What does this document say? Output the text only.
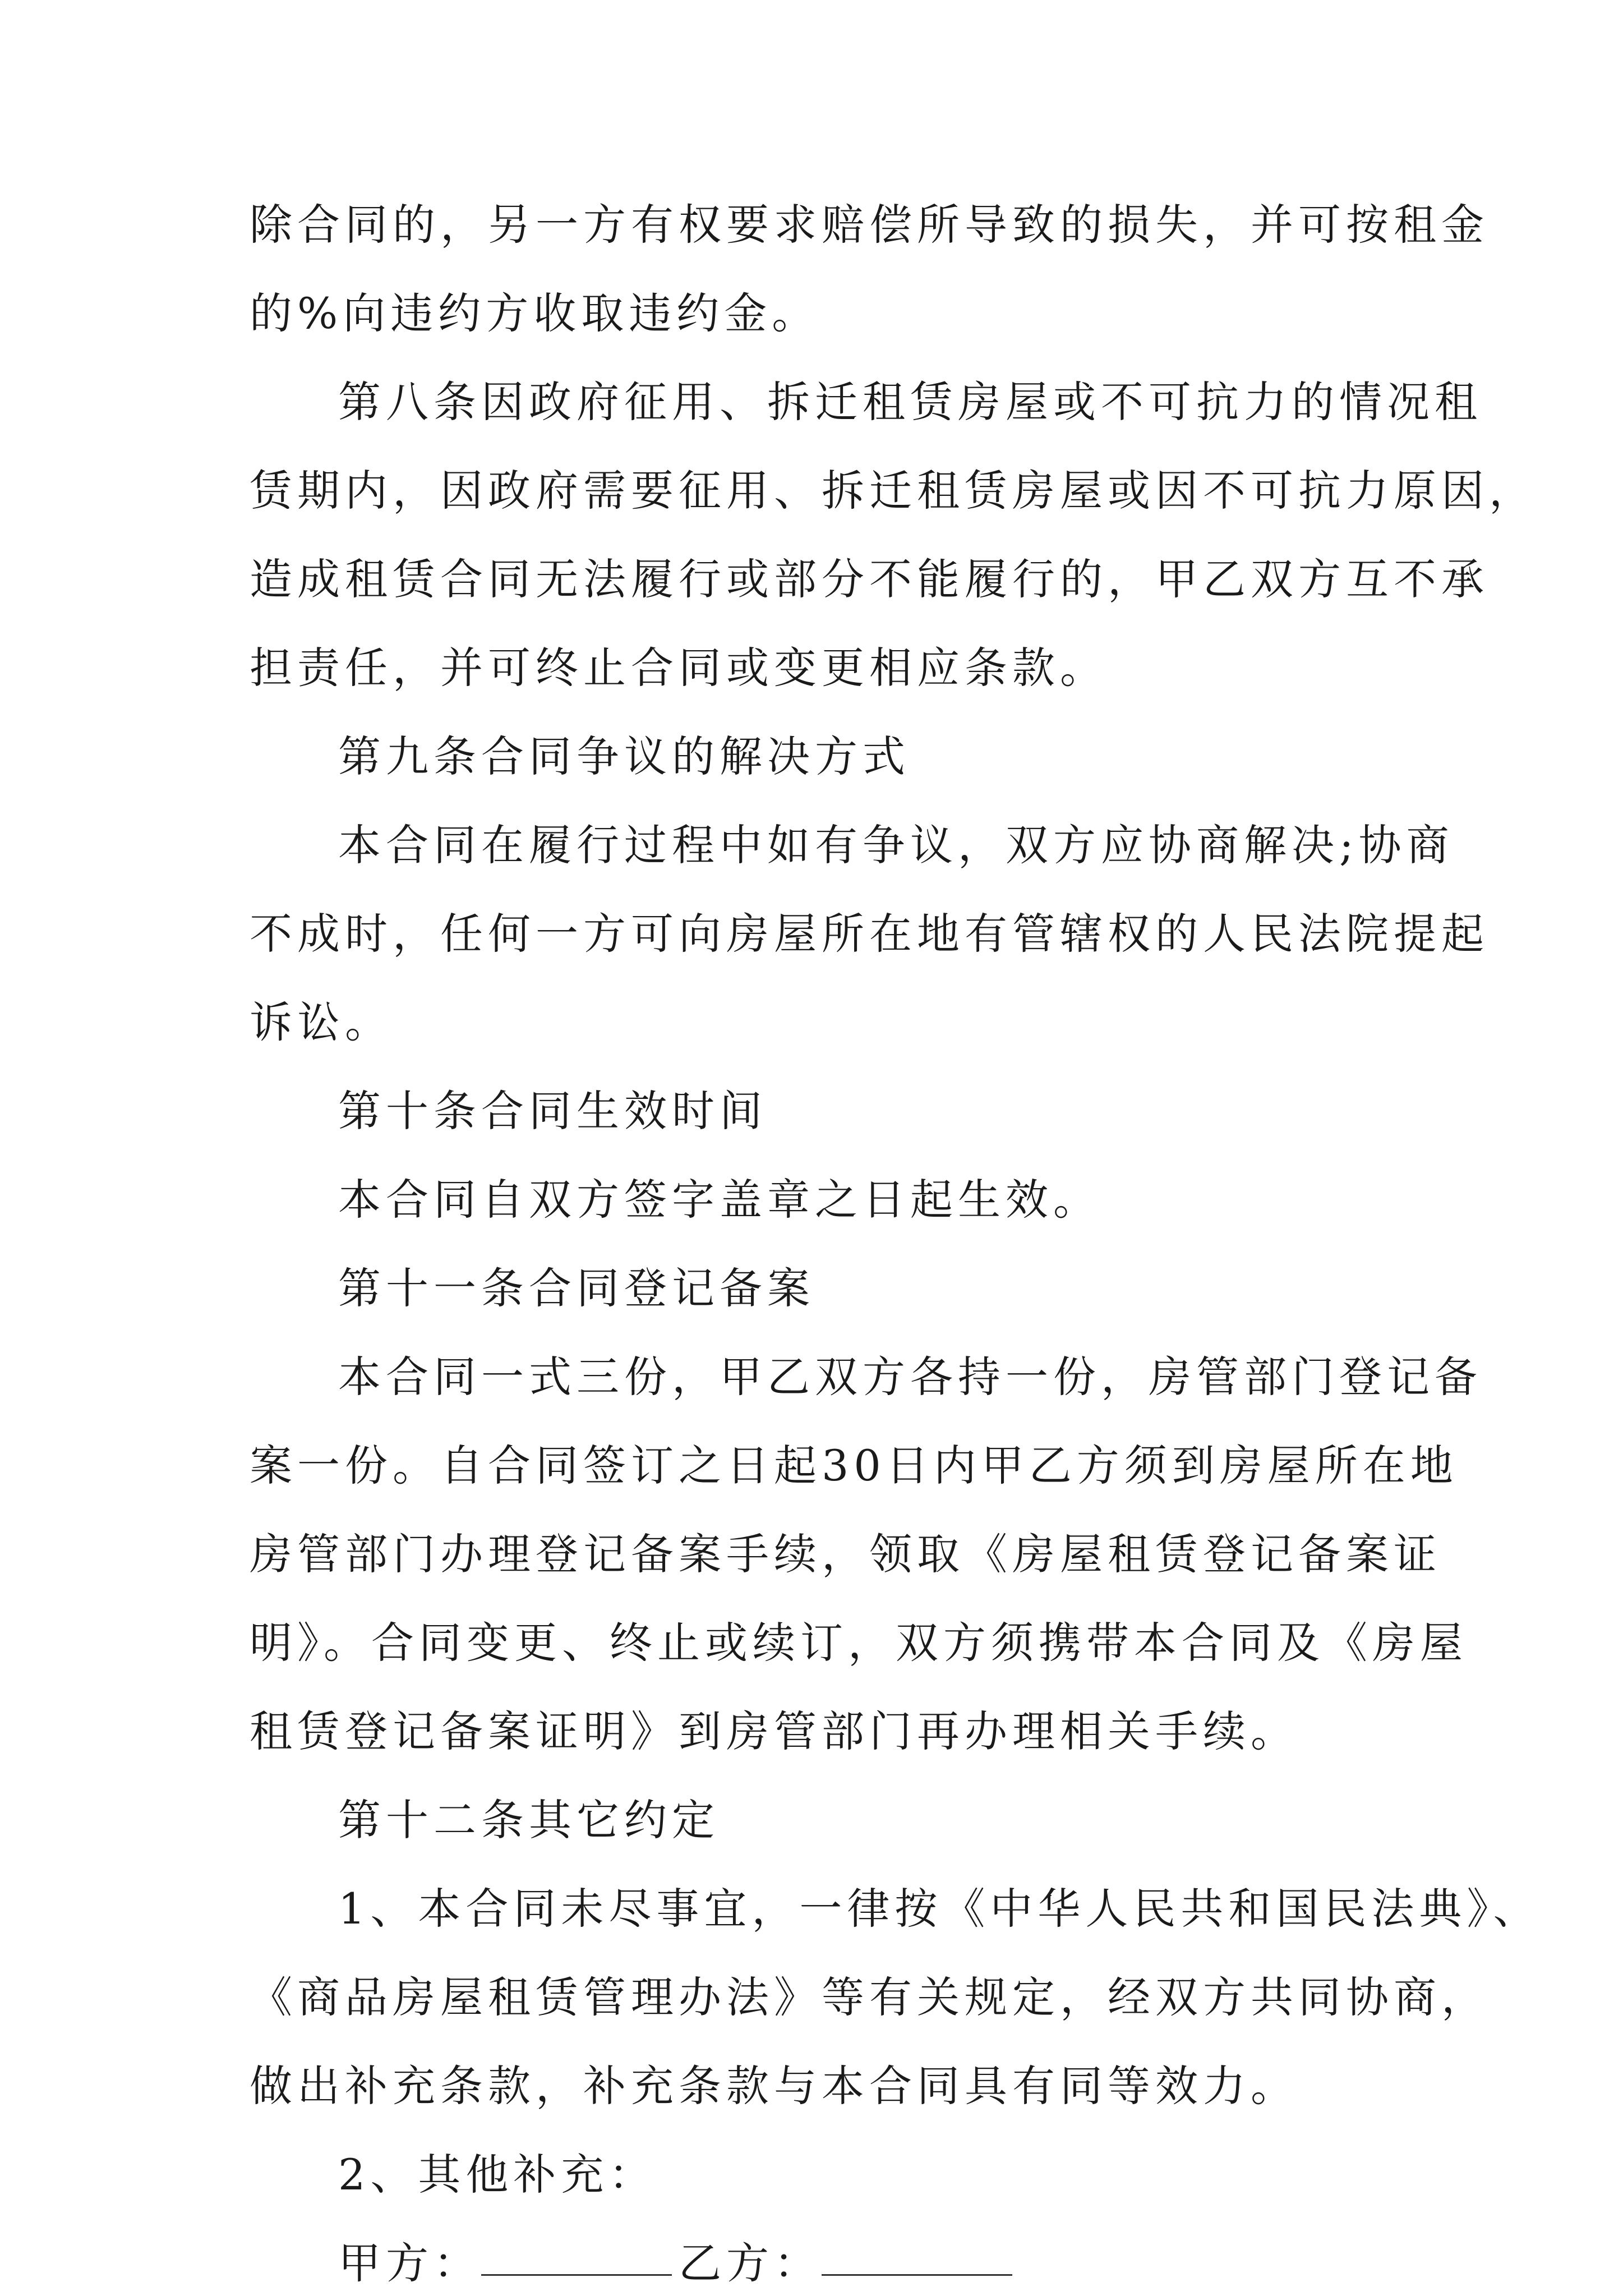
除合同的，另一方有权要求赔偿所导致的损失，并可按租金
的%向违约方收取违约金。
第八条因政府征用、拆迁租赁房屋或不可抗力的情况租
赁期内，因政府需要征用、拆迁租赁房屋或因不可抗力原因，
造成租赁合同无法履行或部分不能履行的，甲乙双方互不承
担责任，并可终止合同或变更相应条款。
第九条合同争议的解决方式
本合同在履行过程中如有争议，双方应协商解决;协商
不成时，任何一方可向房屋所在地有管辖权的人民法院提起
诉讼。
第十条合同生效时间
本合同自双方签字盖章之日起生效。
第十一条合同登记备案
本合同一式三份，甲乙双方各持一份，房管部门登记备
案一份。自合同签订之日起30日内甲乙方须到房屋所在地
房管部门办理登记备案手续，领取《房屋租赁登记备案证
明》。合同变更、终止或续订，双方须携带本合同及《房屋
租赁登记备案证明》到房管部门再办理相关手续。
第十二条其它约定
1、本合同未尽事宜，一律按《中华人民共和国民法典》、
《商品房屋租赁管理办法》等有关规定，经双方共同协商，
做出补充条款，补充条款与本合同具有同等效力。
2、其他补充：
甲方：	乙方：
